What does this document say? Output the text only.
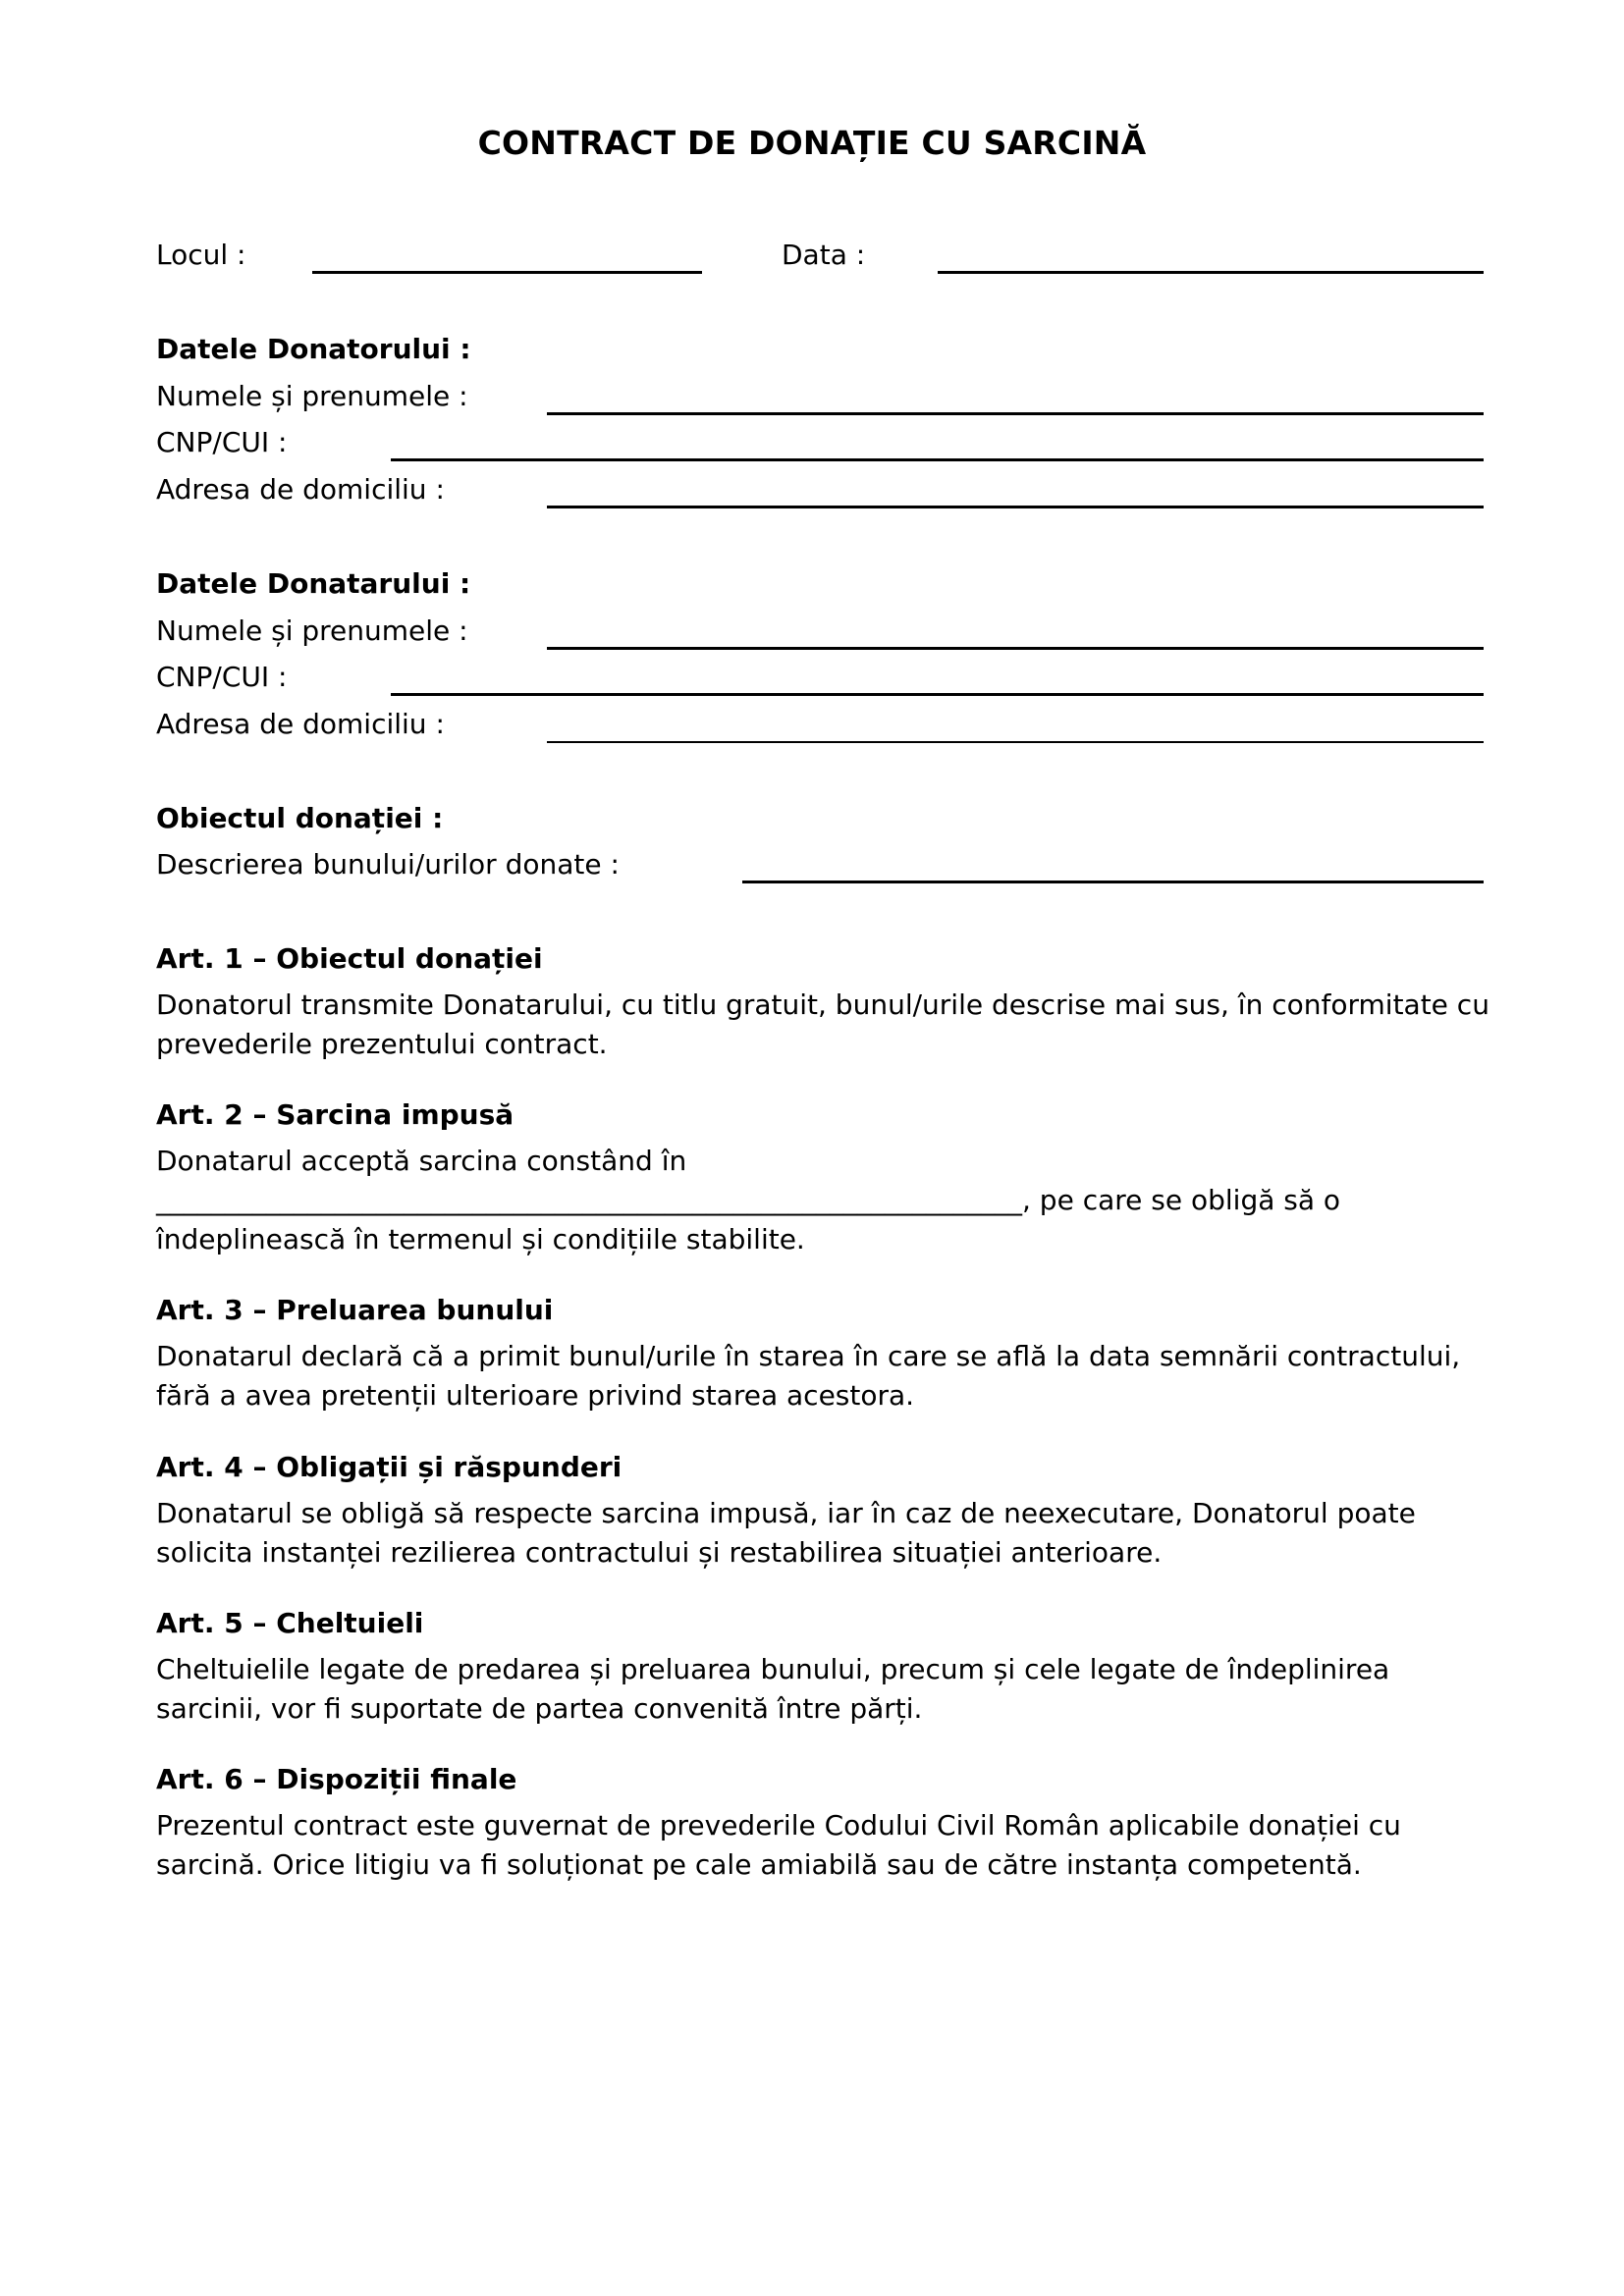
CONTRACT DE DONAȚIE CU SARCINĂ
Locul :	Data :
Datele Donatorului :
Numele și prenumele :
CNP/CUI :
Adresa de domiciliu :
Datele Donatarului :
Numele și prenumele :
CNP/CUI :
Adresa de domiciliu :
Obiectul donației :
Descrierea bunului/urilor donate :
Art. 1 – Obiectul donației

Donatorul transmite Donatarului, cu titlu gratuit, bunul/urile descrise mai sus, în conformitate cu prevederile prezentului contract.

Art. 2 – Sarcina impusă

Donatarul acceptă sarcina constând în
_______________________________________________________________, pe care se obligă să o îndeplinească în termenul și condițiile stabilite.

Art. 3 – Preluarea bunului

Donatarul declară că a primit bunul/urile în starea în care se află la data semnării contractului, fără a avea pretenții ulterioare privind starea acestora.

Art. 4 – Obligații și răspunderi

Donatarul se obligă să respecte sarcina impusă, iar în caz de neexecutare, Donatorul poate solicita instanței rezilierea contractului și restabilirea situației anterioare.

Art. 5 – Cheltuieli

Cheltuielile legate de predarea și preluarea bunului, precum și cele legate de îndeplinirea sarcinii, vor fi suportate de partea convenită între părți.

Art. 6 – Dispoziții finale

Prezentul contract este guvernat de prevederile Codului Civil Român aplicabile donației cu sarcină. Orice litigiu va fi soluționat pe cale amiabilă sau de către instanța competentă.
